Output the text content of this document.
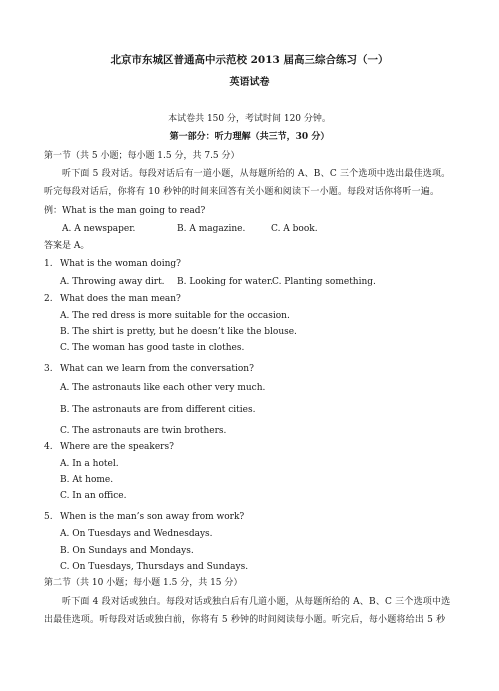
北京市东城区普通高中示范校 2013 届高三综合练习（一）
英语试卷
本试卷共 150 分，考试时间 120 分钟。
第一部分：听力理解（共三节，30 分）
第一节（共 5 小题；每小题 1.5 分，共 7.5 分）
听下面 5 段对话。每段对话后有一道小题，从每题所给的 A、B、C 三个选项中选出最佳选项。
听完每段对话后，你将有 10 秒钟的时间来回答有关小题和阅读下一小题。每段对话你将听一遍。
例：What is the man going to read?
A. A newspaper.	B. A magazine.	C. A book.
答案是 A。
1. What is the woman doing?
A. Throwing away dirt. B. Looking for water. C. Planting something.
2. What does the man mean?
A. The red dress is more suitable for the occasion.
B. The shirt is pretty, but he doesn’t like the blouse.
C. The woman has good taste in clothes.
3. What can we learn from the conversation?
A. The astronauts like each other very much.
B. The astronauts are from different cities.
C. The astronauts are twin brothers.
4. Where are the speakers?
A. In a hotel.
B. At home.
C. In an office.
5. When is the man’s son away from work?
A. On Tuesdays and Wednesdays.
B. On Sundays and Mondays.
C. On Tuesdays, Thursdays and Sundays.
第二节（共 10 小题；每小题 1.5 分，共 15 分）
听下面 4 段对话或独白。每段对话或独白后有几道小题，从每题所给的 A、B、C 三个选项中选
出最佳选项。听每段对话或独白前，你将有 5 秒钟的时间阅读每小题。听完后，每小题将给出 5 秒
